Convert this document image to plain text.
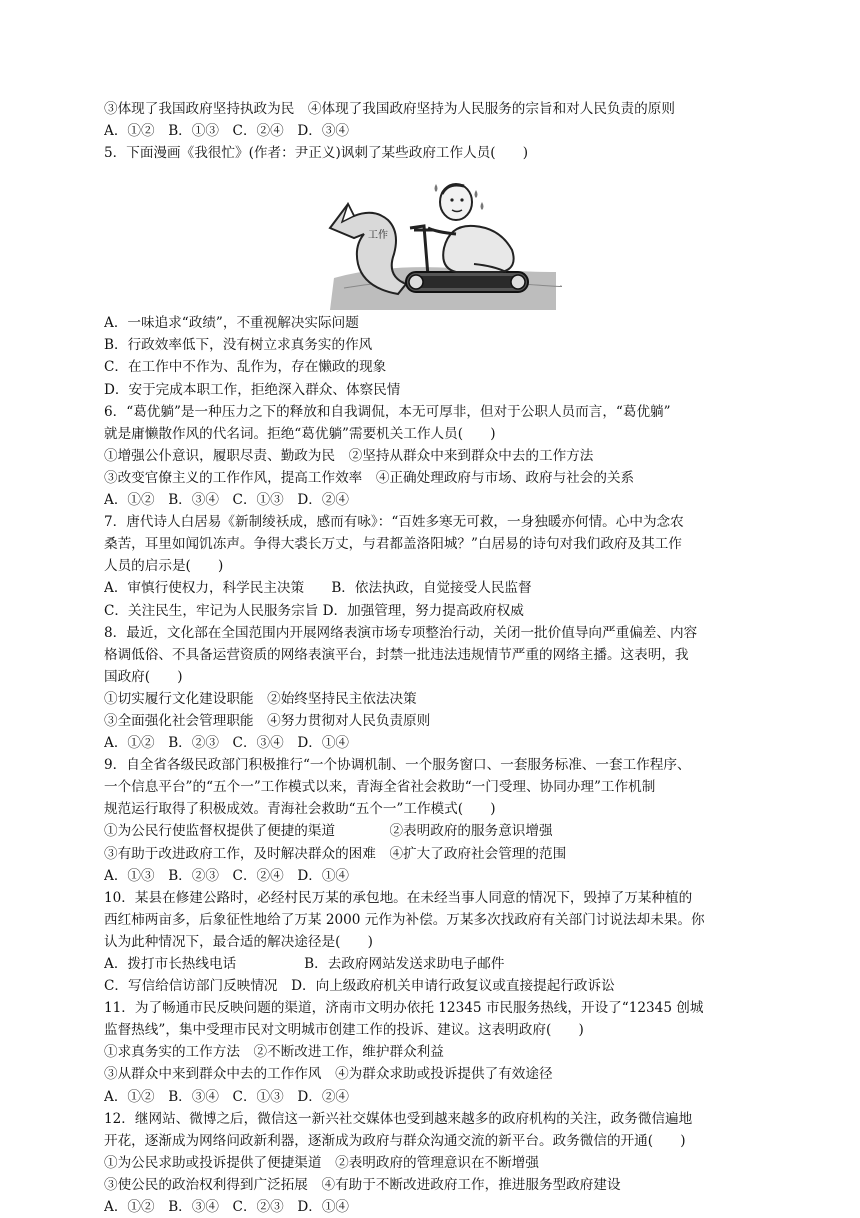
③体现了我国政府坚持执政为民　④体现了我国政府坚持为人民服务的宗旨和对人民负责的原则
A．①②　B．①③　C．②④　D．③④
5．下面漫画《我很忙》(作者：尹正义)讽刺了某些政府工作人员(　　)
工作
A．一味追求“政绩”，不重视解决实际问题
B．行政效率低下，没有树立求真务实的作风
C．在工作中不作为、乱作为，存在懒政的现象
D．安于完成本职工作，拒绝深入群众、体察民情
6．“葛优躺”是一种压力之下的释放和自我调侃，本无可厚非，但对于公职人员而言，“葛优躺”
就是庸懒散作风的代名词。拒绝“葛优躺”需要机关工作人员(　　)
①增强公仆意识，履职尽责、勤政为民　②坚持从群众中来到群众中去的工作方法
③改变官僚主义的工作作风，提高工作效率　④正确处理政府与市场、政府与社会的关系
A．①②　B．③④　C．①③　D．②④
7．唐代诗人白居易《新制绫袄成，感而有咏》：“百姓多寒无可救，一身独暖亦何情。心中为念农
桑苦，耳里如闻饥冻声。争得大裘长万丈，与君都盖洛阳城？”白居易的诗句对我们政府及其工作
人员的启示是(　　)
A．审慎行使权力，科学民主决策　　B．依法执政，自觉接受人民监督
C．关注民生，牢记为人民服务宗旨 D．加强管理，努力提高政府权威
8．最近，文化部在全国范围内开展网络表演市场专项整治行动，关闭一批价值导向严重偏差、内容
格调低俗、不具备运营资质的网络表演平台，封禁一批违法违规情节严重的网络主播。这表明，我
国政府(　　)
①切实履行文化建设职能　②始终坚持民主依法决策
③全面强化社会管理职能　④努力贯彻对人民负责原则
A．①②　B．②③　C．③④　D．①④
9．自全省各级民政部门积极推行“一个协调机制、一个服务窗口、一套服务标准、一套工作程序、
一个信息平台”的“五个一”工作模式以来，青海全省社会救助“一门受理、协同办理”工作机制
规范运行取得了积极成效。青海社会救助“五个一”工作模式(　　)
①为公民行使监督权提供了便捷的渠道　　　　②表明政府的服务意识增强
③有助于改进政府工作，及时解决群众的困难　④扩大了政府社会管理的范围
A．①③　B．②③　C．②④　D．①④
10．某县在修建公路时，必经村民万某的承包地。在未经当事人同意的情况下，毁掉了万某种植的
西红柿两亩多，后象征性地给了万某 2000 元作为补偿。万某多次找政府有关部门讨说法却未果。你
认为此种情况下，最合适的解决途径是(　　)
A．拨打市长热线电话　　　　　B．去政府网站发送求助电子邮件
C．写信给信访部门反映情况　D．向上级政府机关申请行政复议或直接提起行政诉讼
11．为了畅通市民反映问题的渠道，济南市文明办依托 12345 市民服务热线，开设了“12345 创城
监督热线”，集中受理市民对文明城市创建工作的投诉、建议。这表明政府(　　)
①求真务实的工作方法　②不断改进工作，维护群众利益
③从群众中来到群众中去的工作作风　④为群众求助或投诉提供了有效途径
A．①②　B．③④　C．①③　D．②④
12．继网站、微博之后，微信这一新兴社交媒体也受到越来越多的政府机构的关注，政务微信遍地
开花，逐渐成为网络问政新利器，逐渐成为政府与群众沟通交流的新平台。政务微信的开通(　　)
①为公民求助或投诉提供了便捷渠道　②表明政府的管理意识在不断增强
③使公民的政治权利得到广泛拓展　④有助于不断改进政府工作，推进服务型政府建设
A．①②　B．③④　C．②③　D．①④
